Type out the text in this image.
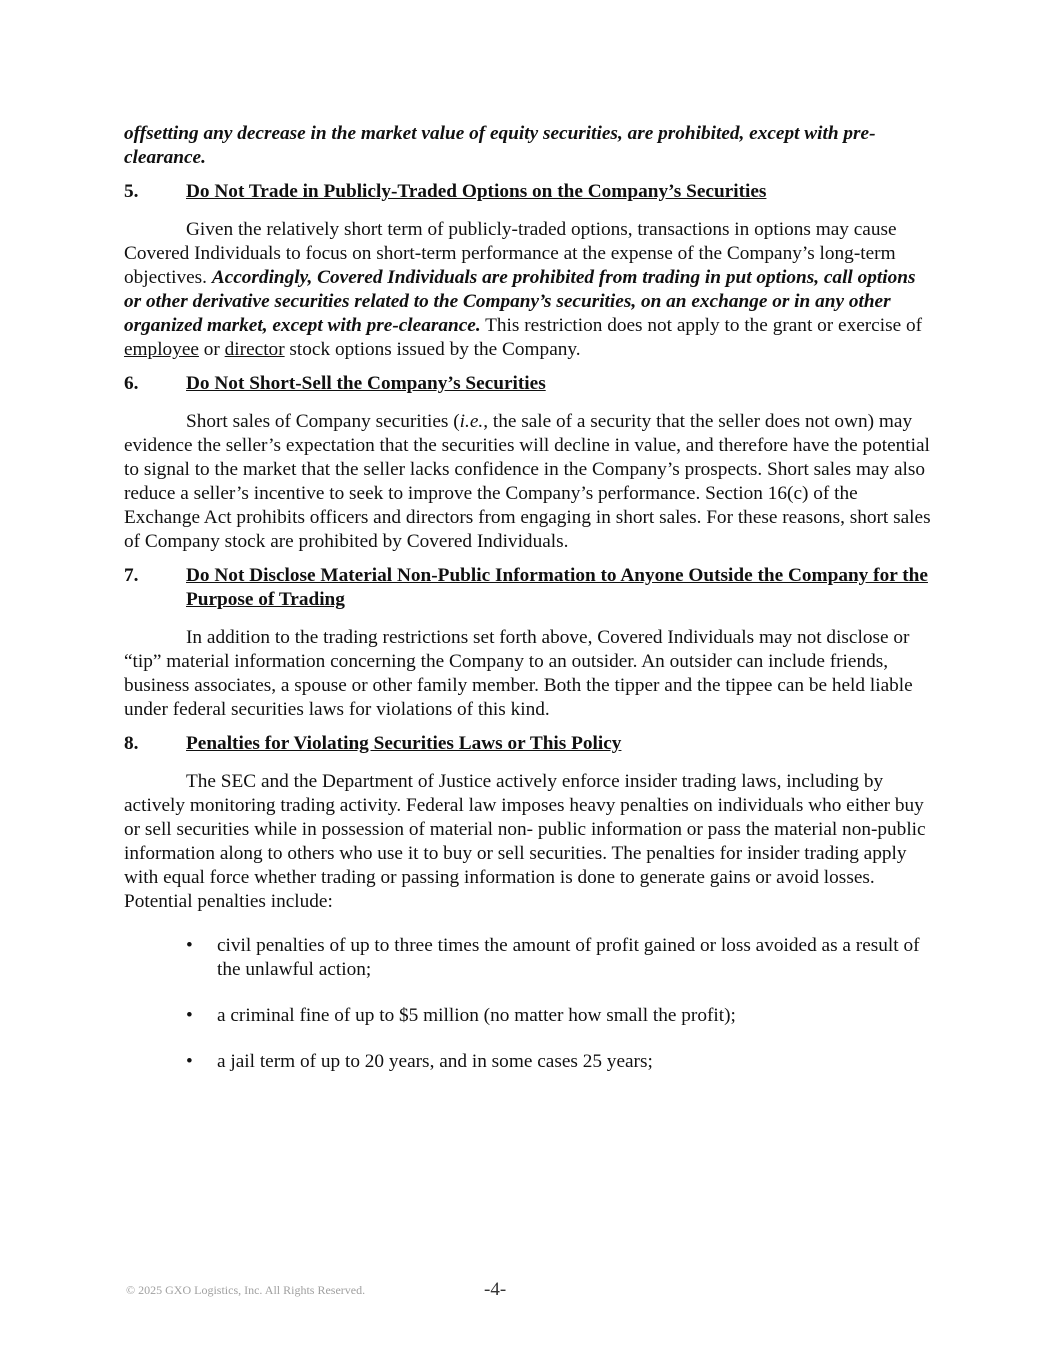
offsetting any decrease in the market value of equity securities, are prohibited, except with pre-clearance.

5.	Do Not Trade in Publicly-Traded Options on the Company’s Securities

Given the relatively short term of publicly-traded options, transactions in options may cause Covered Individuals to focus on short-term performance at the expense of the Company’s long-term objectives. Accordingly, Covered Individuals are prohibited from trading in put options, call options or other derivative securities related to the Company’s securities, on an exchange or in any other organized market, except with pre-clearance. This restriction does not apply to the grant or exercise of employee or director stock options issued by the Company.

6.	Do Not Short-Sell the Company’s Securities

Short sales of Company securities (i.e., the sale of a security that the seller does not own) may evidence the seller’s expectation that the securities will decline in value, and therefore have the potential to signal to the market that the seller lacks confidence in the Company’s prospects. Short sales may also reduce a seller’s incentive to seek to improve the Company’s performance. Section 16(c) of the Exchange Act prohibits officers and directors from engaging in short sales. For these reasons, short sales of Company stock are prohibited by Covered Individuals.

7.	Do Not Disclose Material Non-Public Information to Anyone Outside the Company for the Purpose of Trading

In addition to the trading restrictions set forth above, Covered Individuals may not disclose or “tip” material information concerning the Company to an outsider. An outsider can include friends, business associates, a spouse or other family member. Both the tipper and the tippee can be held liable under federal securities laws for violations of this kind.

8.	Penalties for Violating Securities Laws or This Policy

The SEC and the Department of Justice actively enforce insider trading laws, including by actively monitoring trading activity. Federal law imposes heavy penalties on individuals who either buy or sell securities while in possession of material non- public information or pass the material non-public information along to others who use it to buy or sell securities. The penalties for insider trading apply with equal force whether trading or passing information is done to generate gains or avoid losses. Potential penalties include:

• civil penalties of up to three times the amount of profit gained or loss avoided as a result of the unlawful action;
• a criminal fine of up to $5 million (no matter how small the profit);
• a jail term of up to 20 years, and in some cases 25 years;
© 2025 GXO Logistics, Inc. All Rights Reserved.	-4-
